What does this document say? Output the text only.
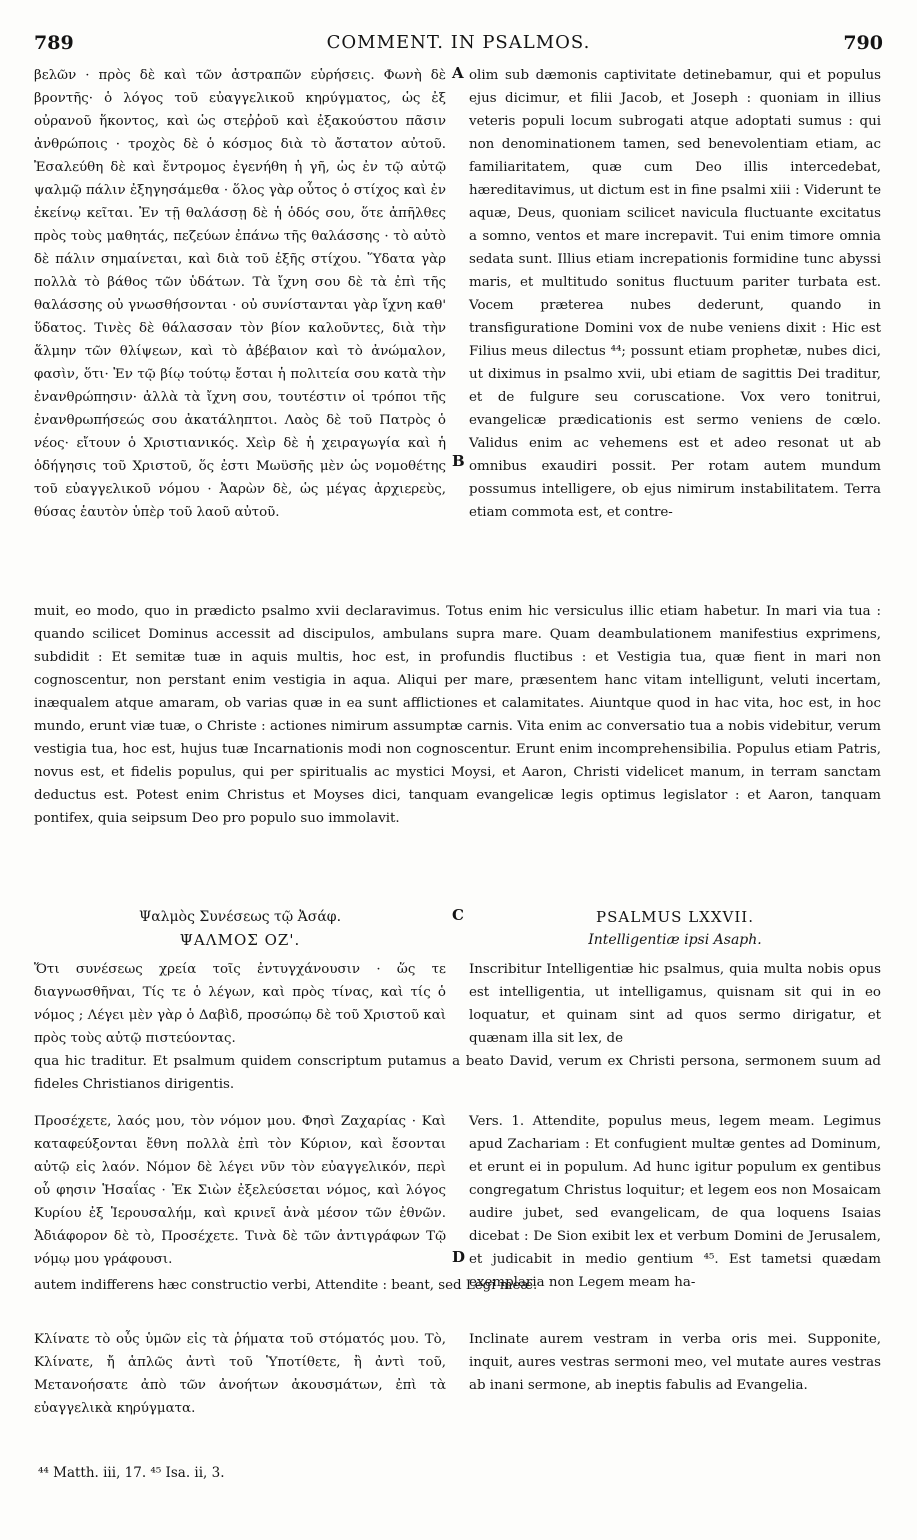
789	COMMENT. IN PSALMOS.	790

βελῶν · πρὸς δὲ καὶ τῶν ἀστραπῶν εὑρήσεις. Φωνὴ δὲ βροντῆς· ὁ λόγος τοῦ εὐαγγελικοῦ κηρύγματος, ὡς ἐξ οὐρανοῦ ἥκοντος, καὶ ὡς στεῤῥοῦ καὶ ἐξακούστου πᾶσιν ἀνθρώποις · τροχὸς δὲ ὁ κόσμος διὰ τὸ ἄστατον αὐτοῦ. Ἐσαλεύθη δὲ καὶ ἔντρομος ἐγενήθη ἡ γῆ, ὡς ἐν τῷ αὐτῷ ψαλμῷ πάλιν ἐξηγησάμεθα · ὅλος γὰρ οὗτος ὁ στίχος καὶ ἐν ἐκείνῳ κεῖται. Ἐν τῇ θαλάσσῃ δὲ ἡ ὁδός σου, ὅτε ἀπῆλθες πρὸς τοὺς μαθητάς, πεζεύων ἐπάνω τῆς θαλάσσης · τὸ αὐτὸ δὲ πάλιν σημαίνεται, καὶ διὰ τοῦ ἑξῆς στίχου. Ὕδατα γὰρ πολλὰ τὸ βάθος τῶν ὑδάτων. Τὰ ἴχνη σου δὲ τὰ ἐπὶ τῆς θαλάσσης οὐ γνωσθήσονται · οὐ συνίστανται γὰρ ἴχνη καθ' ὕδατος. Τινὲς δὲ θάλασσαν τὸν βίον καλοῦντες, διὰ τὴν ἅλμην τῶν θλίψεων, καὶ τὸ ἀβέβαιον καὶ τὸ ἀνώμαλον, φασὶν, ὅτι· Ἐν τῷ βίῳ τούτῳ ἔσται ἡ πολιτεία σου κατὰ τὴν ἐνανθρώπησιν· ἀλλὰ τὰ ἴχνη σου, τουτέστιν οἱ τρόποι τῆς ἐνανθρωπήσεώς σου ἀκατάληπτοι. Λαὸς δὲ τοῦ Πατρὸς ὁ νέος· εἴτουν ὁ Χριστιανικός. Χεὶρ δὲ ἡ χειραγωγία καὶ ἡ ὁδήγησις τοῦ Χριστοῦ, ὅς ἐστι Μωϋσῆς μὲν ὡς νομοθέτης τοῦ εὐαγγελικοῦ νόμου · Ἀαρὼν δὲ, ὡς μέγας ἀρχιερεὺς, θύσας ἑαυτὸν ὑπὲρ τοῦ λαοῦ αὐτοῦ.

A
B

olim sub dæmonis captivitate detinebamur, qui et populus ejus dicimur, et filii Jacob, et Joseph : quoniam in illius veteris populi locum subrogati atque adoptati sumus : qui non denominationem tamen, sed benevolentiam etiam, ac familiaritatem, quæ cum Deo illis intercedebat, hæreditavimus, ut dictum est in fine psalmi xiii : Viderunt te aquæ, Deus, quoniam scilicet navicula fluctuante excitatus a somno, ventos et mare increpavit. Tui enim timore omnia sedata sunt. Illius etiam increpationis formidine tunc abyssi maris, et multitudo sonitus fluctuum pariter turbata est. Vocem præterea nubes dederunt, quando in transfiguratione Domini vox de nube veniens dixit : Hic est Filius meus dilectus ⁴⁴; possunt etiam prophetæ, nubes dici, ut diximus in psalmo xvii, ubi etiam de sagittis Dei traditur, et de fulgure seu coruscatione. Vox vero tonitrui, evangelicæ prædicationis est sermo veniens de cœlo. Validus enim ac vehemens est et adeo resonat ut ab omnibus exaudiri possit. Per rotam autem mundum possumus intelligere, ob ejus nimirum instabilitatem. Terra etiam commota est, et contre-

muit, eo modo, quo in prædicto psalmo xvii declaravimus. Totus enim hic versiculus illic etiam habetur. In mari via tua : quando scilicet Dominus accessit ad discipulos, ambulans supra mare. Quam deambulationem manifestius exprimens, subdidit : Et semitæ tuæ in aquis multis, hoc est, in profundis fluctibus : et Vestigia tua, quæ fient in mari non cognoscentur, non perstant enim vestigia in aqua. Aliqui per mare, præsentem hanc vitam intelligunt, veluti incertam, inæqualem atque amaram, ob varias quæ in ea sunt afflictiones et calamitates. Aiuntque quod in hac vita, hoc est, in hoc mundo, erunt viæ tuæ, o Christe : actiones nimirum assumptæ carnis. Vita enim ac conversatio tua a nobis videbitur, verum vestigia tua, hoc est, hujus tuæ Incarnationis modi non cognoscentur. Erunt enim incomprehensibilia. Populus etiam Patris, novus est, et fidelis populus, qui per spiritualis ac mystici Moysi, et Aaron, Christi videlicet manum, in terram sanctam deductus est. Potest enim Christus et Moyses dici, tanquam evangelicæ legis optimus legislator : et Aaron, tanquam pontifex, quia seipsum Deo pro populo suo immolavit.

Ψαλμὸς Συνέσεως τῷ Ἀσάφ.
ΨΑΛΜΟΣ ΟΖ'.
C	PSALMUS LXXVII.
Intelligentiæ ipsi Asaph.

Ὅτι συνέσεως χρεία τοῖς ἐντυγχάνουσιν · ὥς τε διαγνωσθῆναι, Τίς τε ὁ λέγων, καὶ πρὸς τίνας, καὶ τίς ὁ νόμος ; Λέγει μὲν γὰρ ὁ Δαβὶδ, προσώπῳ δὲ τοῦ Χριστοῦ καὶ πρὸς τοὺς αὐτῷ πιστεύοντας.

Inscribitur Intelligentiæ hic psalmus, quia multa nobis opus est intelligentia, ut intelligamus, quisnam sit qui in eo loquatur, et quinam sint ad quos sermo dirigatur, et quænam illa sit lex, de

qua hic traditur. Et psalmum quidem conscriptum putamus a beato David, verum ex Christi persona, sermonem suum ad fideles Christianos dirigentis.

Προσέχετε, λαός μου, τὸν νόμον μου. Φησὶ Ζαχαρίας · Καὶ καταφεύξονται ἔθνη πολλὰ ἐπὶ τὸν Κύριον, καὶ ἔσονται αὐτῷ εἰς λαόν. Νόμον δὲ λέγει νῦν τὸν εὐαγγελικόν, περὶ οὗ φησιν Ἡσαΐας · Ἐκ Σιὼν ἐξελεύσεται νόμος, καὶ λόγος Κυρίου ἐξ Ἱερουσαλήμ, καὶ κρινεῖ ἀνὰ μέσον τῶν ἐθνῶν. Ἀδιάφορον δὲ τὸ, Προσέχετε. Τινὰ δὲ τῶν ἀντιγράφων Τῷ νόμῳ μου γράφουσι.	D

Vers. 1. Attendite, populus meus, legem meam. Legimus apud Zachariam : Et confugient multæ gentes ad Dominum, et erunt ei in populum. Ad hunc igitur populum ex gentibus congregatum Christus loquitur; et legem eos non Mosaicam audire jubet, sed evangelicam, de qua loquens Isaias dicebat : De Sion exibit lex et verbum Domini de Jerusalem, et judicabit in medio gentium ⁴⁵. Est tametsi quædam exemplaria non Legem meam ha-

autem indifferens hæc constructio verbi, Attendite : beant, sed Legi meæ.

Κλίνατε τὸ οὖς ὑμῶν εἰς τὰ ῥήματα τοῦ στόματός μου. Τὸ, Κλίνατε, ἤ ἁπλῶς ἀντὶ τοῦ Ὑποτίθετε, ἢ ἀντὶ τοῦ, Μετανοήσατε ἀπὸ τῶν ἀνοήτων ἀκουσμάτων, ἐπὶ τὰ εὐαγγελικὰ κηρύγματα.

Inclinate aurem vestram in verba oris mei. Supponite, inquit, aures vestras sermoni meo, vel mutate aures vestras ab inani sermone, ab ineptis fabulis ad Evangelia.

⁴⁴ Matth. iii, 17. ⁴⁵ Isa. ii, 3.
